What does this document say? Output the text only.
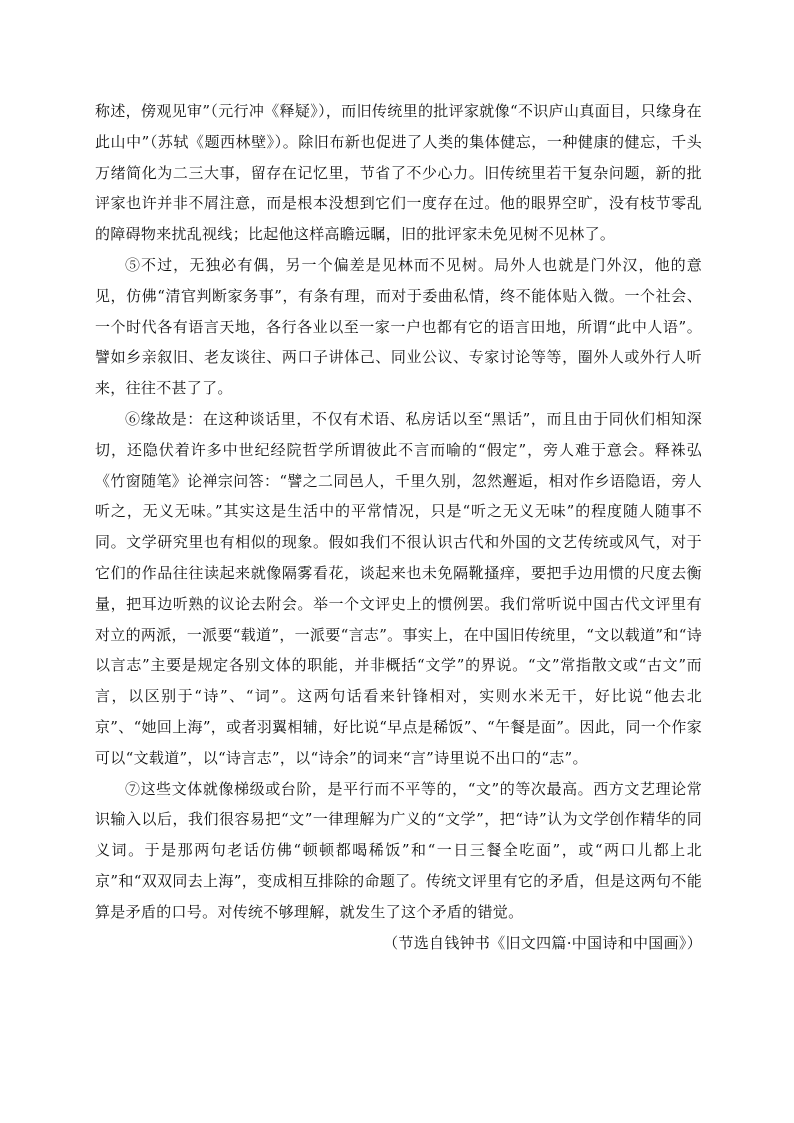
称述，傍观见审”（元行冲《释疑》），而旧传统里的批评家就像“不识庐山真面目，只缘身在此山中”（苏轼《题西林壁》）。除旧布新也促进了人类的集体健忘，一种健康的健忘，千头万绪简化为二三大事，留存在记忆里，节省了不少心力。旧传统里若干复杂问题，新的批评家也许并非不屑注意，而是根本没想到它们一度存在过。他的眼界空旷，没有枝节零乱的障碍物来扰乱视线；比起他这样高瞻远瞩，旧的批评家未免见树不见林了。

⑤不过，无独必有偶，另一个偏差是见林而不见树。局外人也就是门外汉，他的意见，仿佛“清官判断家务事”，有条有理，而对于委曲私情，终不能体贴入微。一个社会、一个时代各有语言天地，各行各业以至一家一户也都有它的语言田地，所谓“此中人语”。譬如乡亲叙旧、老友谈往、两口子讲体己、同业公议、专家讨论等等，圈外人或外行人听来，往往不甚了了。

⑥缘故是：在这种谈话里，不仅有术语、私房话以至“黑话”，而且由于同伙们相知深切，还隐伏着许多中世纪经院哲学所谓彼此不言而喻的“假定”，旁人难于意会。释袾弘《竹窗随笔》论禅宗问答：“譬之二同邑人，千里久别，忽然邂逅，相对作乡语隐语，旁人听之，无义无味。”其实这是生活中的平常情况，只是“听之无义无味”的程度随人随事不同。文学研究里也有相似的现象。假如我们不很认识古代和外国的文艺传统或风气，对于它们的作品往往读起来就像隔雾看花，谈起来也未免隔靴搔痒，要把手边用惯的尺度去衡量，把耳边听熟的议论去附会。举一个文评史上的惯例罢。我们常听说中国古代文评里有对立的两派，一派要“载道”，一派要“言志”。事实上，在中国旧传统里，“文以载道”和“诗以言志”主要是规定各别文体的职能，并非概括“文学”的界说。“文”常指散文或“古文”而言，以区别于“诗”、“词”。这两句话看来针锋相对，实则水米无干，好比说“他去北京”、“她回上海”，或者羽翼相辅，好比说“早点是稀饭”、“午餐是面”。因此，同一个作家可以“文载道”，以“诗言志”，以“诗余”的词来“言”诗里说不出口的“志”。

⑦这些文体就像梯级或台阶，是平行而不平等的，“文”的等次最高。西方文艺理论常识输入以后，我们很容易把“文”一律理解为广义的“文学”，把“诗”认为文学创作精华的同义词。于是那两句老话仿佛“顿顿都喝稀饭”和“一日三餐全吃面”，或“两口儿都上北京”和“双双同去上海”，变成相互排除的命题了。传统文评里有它的矛盾，但是这两句不能算是矛盾的口号。对传统不够理解，就发生了这个矛盾的错觉。

（节选自钱钟书《旧文四篇·中国诗和中国画》）
